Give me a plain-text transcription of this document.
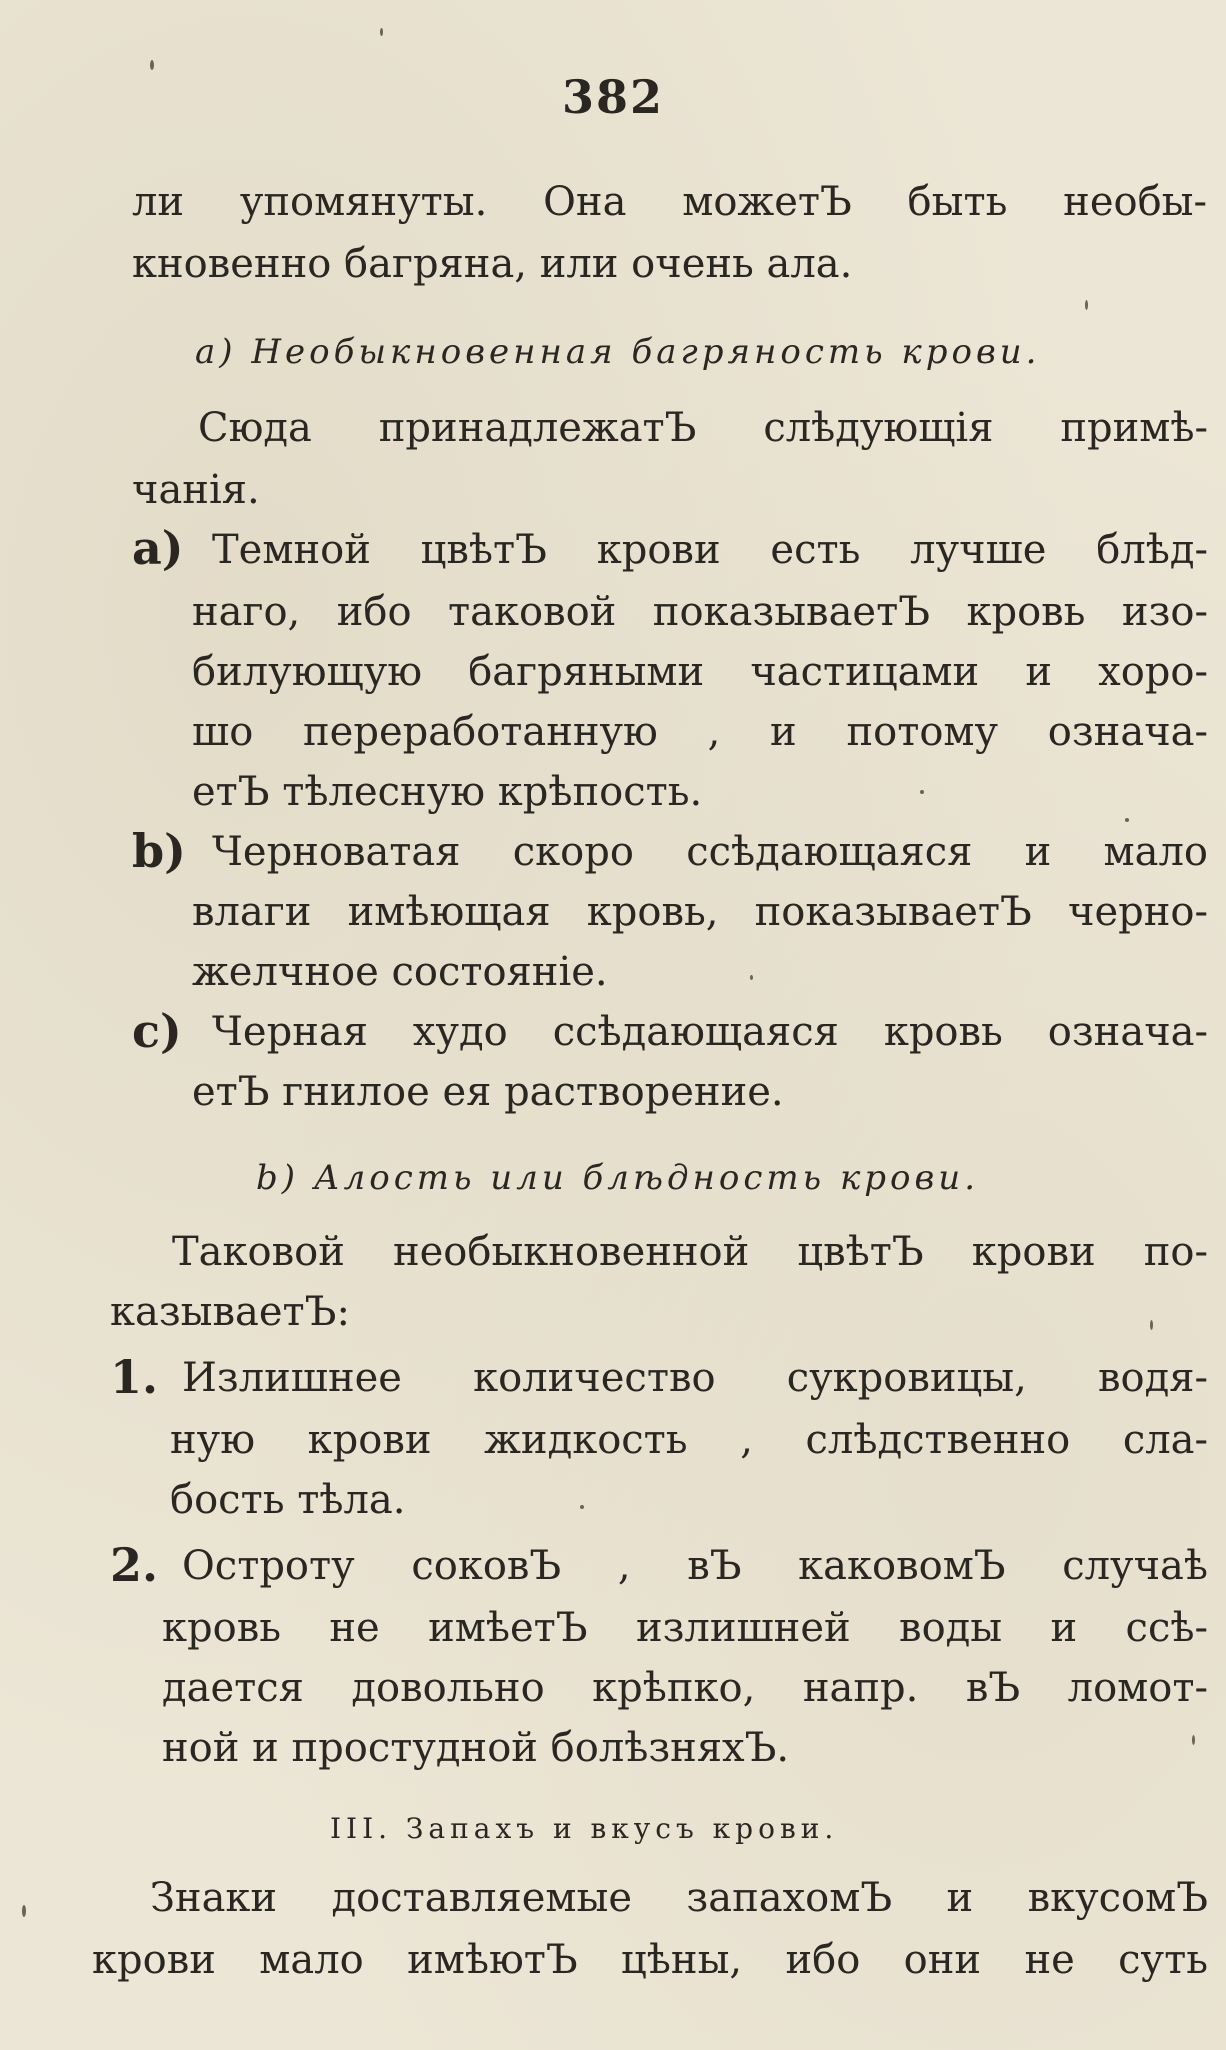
382
ли упомянуты. Она можетЪ быть необы-
кновенно багряна, или очень ала.
a) Необыкновенная багряность крови.
Сюда принадлежатЪ слѣдующія примѣ-
чанія.
a) Темной цвѣтЪ крови есть лучше блѣд-
наго, ибо таковой показываетЪ кровь изо-
билующую багряными частицами и хоро-
шо переработанную , и потому означа-
етЪ тѣлесную крѣпость.
b) Черноватая скоро ссѣдающаяся и мало
влаги имѣющая кровь, показываетЪ черно-
желчное состояніе.
c) Черная худо ссѣдающаяся кровь означа-
етЪ гнилое ея растворение.
b) Алость или блѣдность крови.
Таковой необыкновенной цвѣтЪ крови по-
казываетЪ:
1. Излишнее количество сукровицы, водя-
ную крови жидкость , слѣдственно сла-
бость тѣла.
2. Остроту соковЪ , вЪ каковомЪ случаѣ
кровь не имѣетЪ излишней воды и ссѣ-
дается довольно крѣпко, напр. вЪ ломот-
ной и простудной болѣзняхЪ.
III. Запахъ и вкусъ крови.
Знаки доставляемые запахомЪ и вкусомЪ
крови мало имѣютЪ цѣны, ибо они не суть
